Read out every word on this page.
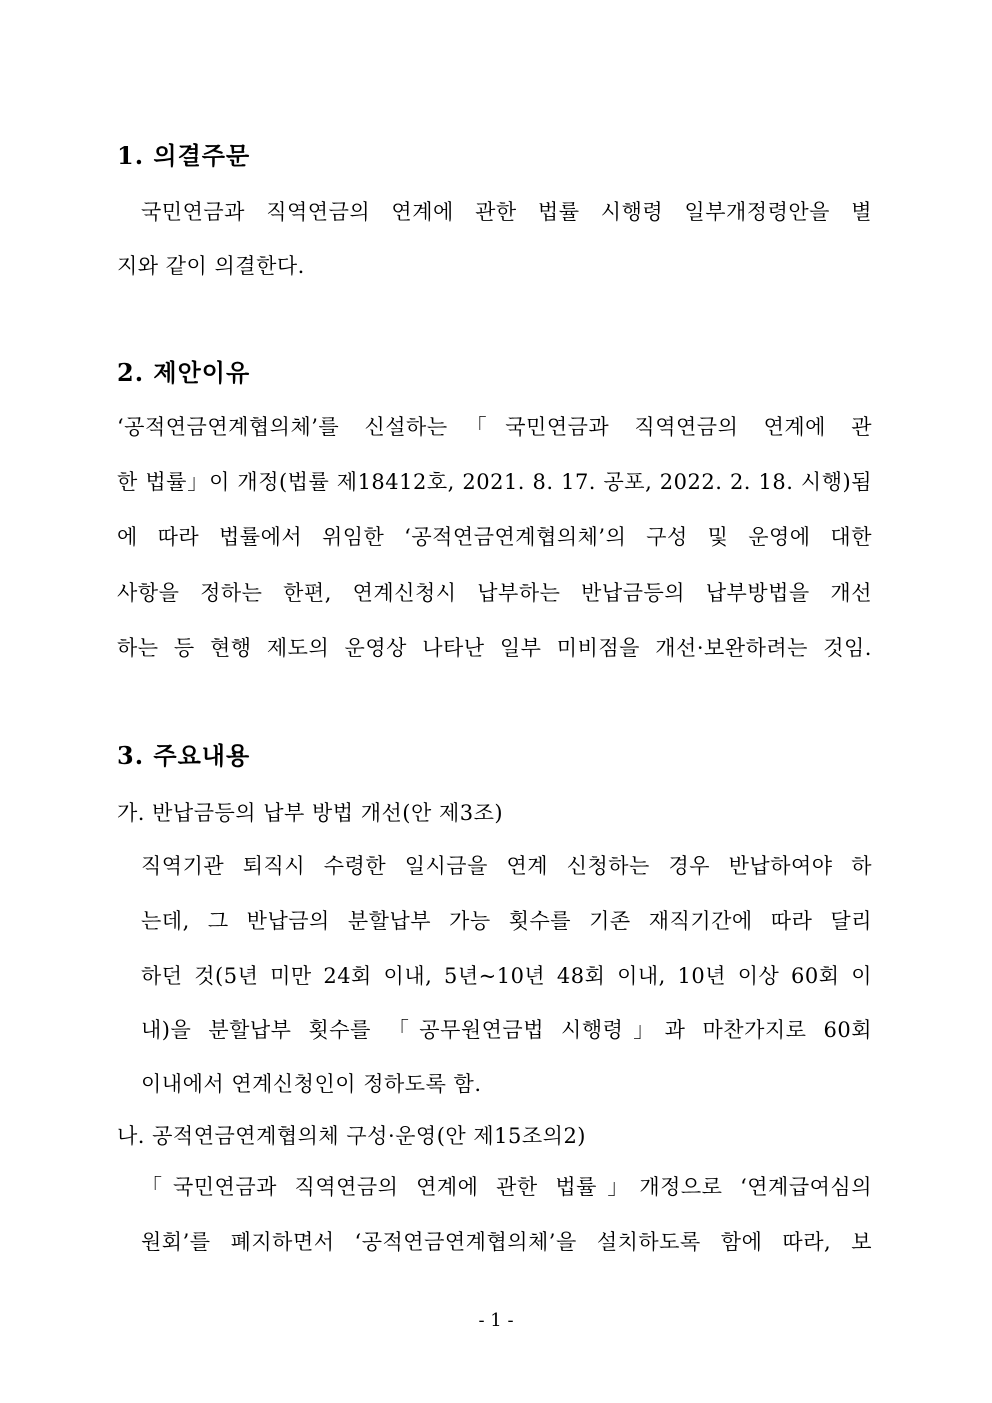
1. 의결주문
국민연금과 직역연금의 연계에 관한 법률 시행령 일부개정령안을 별
지와 같이 의결한다.
2. 제안이유
‘공적연금연계협의체’를 신설하는「국민연금과 직역연금의 연계에 관
한 법률」이 개정(법률 제18412호, 2021. 8. 17. 공포, 2022. 2. 18. 시행)됨
에 따라 법률에서 위임한 ‘공적연금연계협의체’의 구성 및 운영에 대한
사항을 정하는 한편, 연계신청시 납부하는 반납금등의 납부방법을 개선
하는 등 현행 제도의 운영상 나타난 일부 미비점을 개선·보완하려는 것임.
3. 주요내용
가. 반납금등의 납부 방법 개선(안 제3조)
직역기관 퇴직시 수령한 일시금을 연계 신청하는 경우 반납하여야 하
는데, 그 반납금의 분할납부 가능 횟수를 기존 재직기간에 따라 달리
하던 것(5년 미만 24회 이내, 5년~10년 48회 이내, 10년 이상 60회 이
내)을 분할납부 횟수를 「공무원연금법 시행령」과 마찬가지로 60회
이내에서 연계신청인이 정하도록 함.
나. 공적연금연계협의체 구성·운영(안 제15조의2)
「국민연금과 직역연금의 연계에 관한 법률」개정으로 ‘연계급여심의
원회’를 폐지하면서 ‘공적연금연계협의체’을 설치하도록 함에 따라, 보
- 1 -
